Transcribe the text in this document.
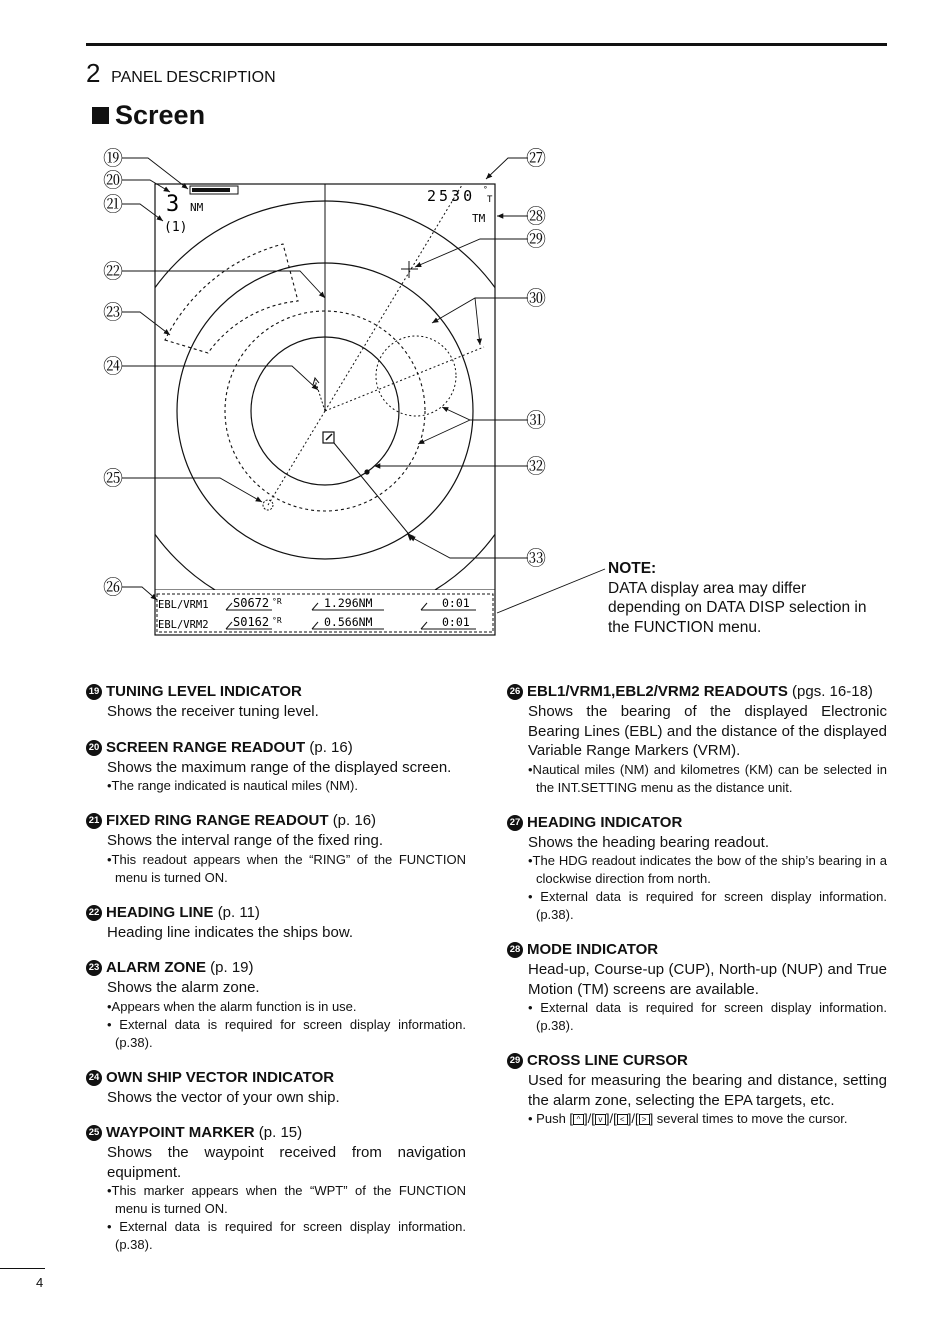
2 PANEL DESCRIPTION
Screen
3 NM
(1)
2530 °
T
TM
EBL/VRM1 S0672 °R	1.296NM	0:01
EBL/VRM2 S0162 °R	0.566NM	0:01
⑲
⑳
㉑
㉒
㉓
㉔
㉕
㉖
㉗
㉘
㉙
㉚
㉛
㉜
㉝	NOTE:
DATA display area may differ depending on DATA DISP selection in the FUNCTION menu.
19 TUNING LEVEL INDICATOR
Shows the receiver tuning level.
20 SCREEN RANGE READOUT (p. 16)
Shows the maximum range of the displayed screen.
•The range indicated is nautical miles (NM).
21 FIXED RING RANGE READOUT (p. 16)
Shows the interval range of the fixed ring.
•This readout appears when the “RING” of the FUNCTION menu is turned ON.
22 HEADING LINE (p. 11)
Heading line indicates the ships bow.
23 ALARM ZONE (p. 19)
Shows the alarm zone.
•Appears when the alarm function is in use.
• External data is required for screen display information. (p.38).
24 OWN SHIP VECTOR INDICATOR
Shows the vector of your own ship.
25 WAYPOINT MARKER (p. 15)
Shows the waypoint received from navigation equipment.
•This marker appears when the “WPT” of the FUNCTION menu is turned ON.
• External data is required for screen display information. (p.38).
26 EBL1/VRM1,EBL2/VRM2 READOUTS (pgs. 16-18)
Shows the bearing of the displayed Electronic Bearing Lines (EBL) and the distance of the displayed Variable Range Markers (VRM).
•Nautical miles (NM) and kilometres (KM) can be selected in the INT.SETTING menu as the distance unit.
27 HEADING INDICATOR
Shows the heading bearing readout.
•The HDG readout indicates the bow of the ship’s bearing in a clockwise direction from north.
• External data is required for screen display information. (p.38).
28 MODE INDICATOR
Head-up, Course-up (CUP), North-up (NUP) and True Motion (TM) screens are available.
• External data is required for screen display information. (p.38).
29 CROSS LINE CURSOR
Used for measuring the bearing and distance, setting the alarm zone, selecting the EPA targets, etc.
• Push [ ^ ]/[ v ]/[ < ]/[ > ] several times to move the cursor.
4
